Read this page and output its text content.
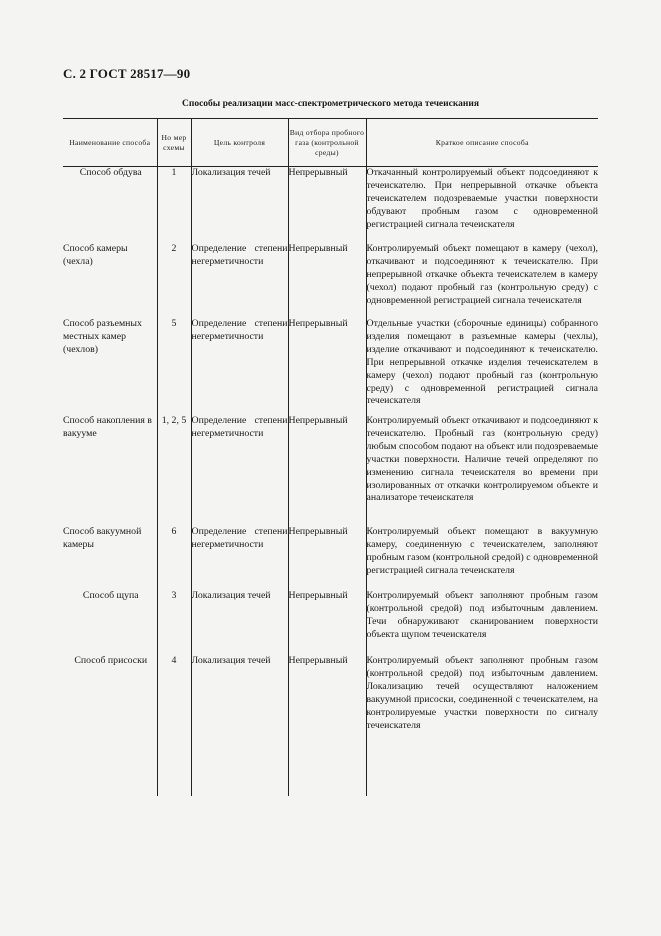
С. 2 ГОСТ 28517—90
Способы реализации масс-спектрометрического метода течеискания
Наименование способа	Но мер схемы	Цель контроля	Вид отбора пробного газа (контрольной среды)	Краткое описание способа
Способ обдува	1	Локализация течей	Непрерывный	Откачанный контролируемый объект подсоединяют к течеискателю. При непрерывной откачке объекта течеискателем подозреваемые участки поверхности обдувают пробным газом с одновременной регистрацией сигнала течеискателя
Способ камеры (чехла)	2	Определение степени негерметичности	Непрерывный	Контролируемый объект помещают в камеру (чехол), откачивают и подсоединяют к течеискателю. При непрерывной откачке объекта течеискателем в камеру (чехол) подают пробный газ (контрольную среду) с одновременной регистрацией сигнала течеискателя
Способ разъемных местных камер (чехлов)	5	Определение степени негерметичности	Непрерывный	Отдельные участки (сборочные единицы) собранного изделия помещают в разъемные камеры (чехлы), изделие откачивают и подсоединяют к течеискателю. При непрерывной откачке изделия течеискателем в камеру (чехол) подают пробный газ (контрольную среду) с одновременной регистрацией сигнала течеискателя
Способ накопления в вакууме	1, 2, 5	Определение степени негерметичности	Непрерывный	Контролируемый объект откачивают и подсоединяют к течеискателю. Пробный газ (контрольную среду) любым способом подают на объект или подозреваемые участки поверхности. Наличие течей определяют по изменению сигнала течеискателя во времени при изолированных от откачки контролируемом объекте и анализаторе течеискателя
Способ вакуумной камеры	6	Определение степени негерметичности	Непрерывный	Контролируемый объект помещают в вакуумную камеру, соединенную с течеискателем, заполняют пробным газом (контрольной средой) с одновременной регистрацией сигнала течеискателя
Способ щупа	3	Локализация течей	Непрерывный	Контролируемый объект заполняют пробным газом (контрольной средой) под избыточным давлением. Течи обнаруживают сканированием поверхности объекта щупом течеискателя
Способ присоски	4	Локализация течей	Непрерывный	Контролируемый объект заполняют пробным газом (контрольной средой) под избыточным давлением. Локализацию течей осуществляют наложением вакуумной присоски, соединенной с течеискателем, на контролируемые участки поверхности по сигналу течеискателя
